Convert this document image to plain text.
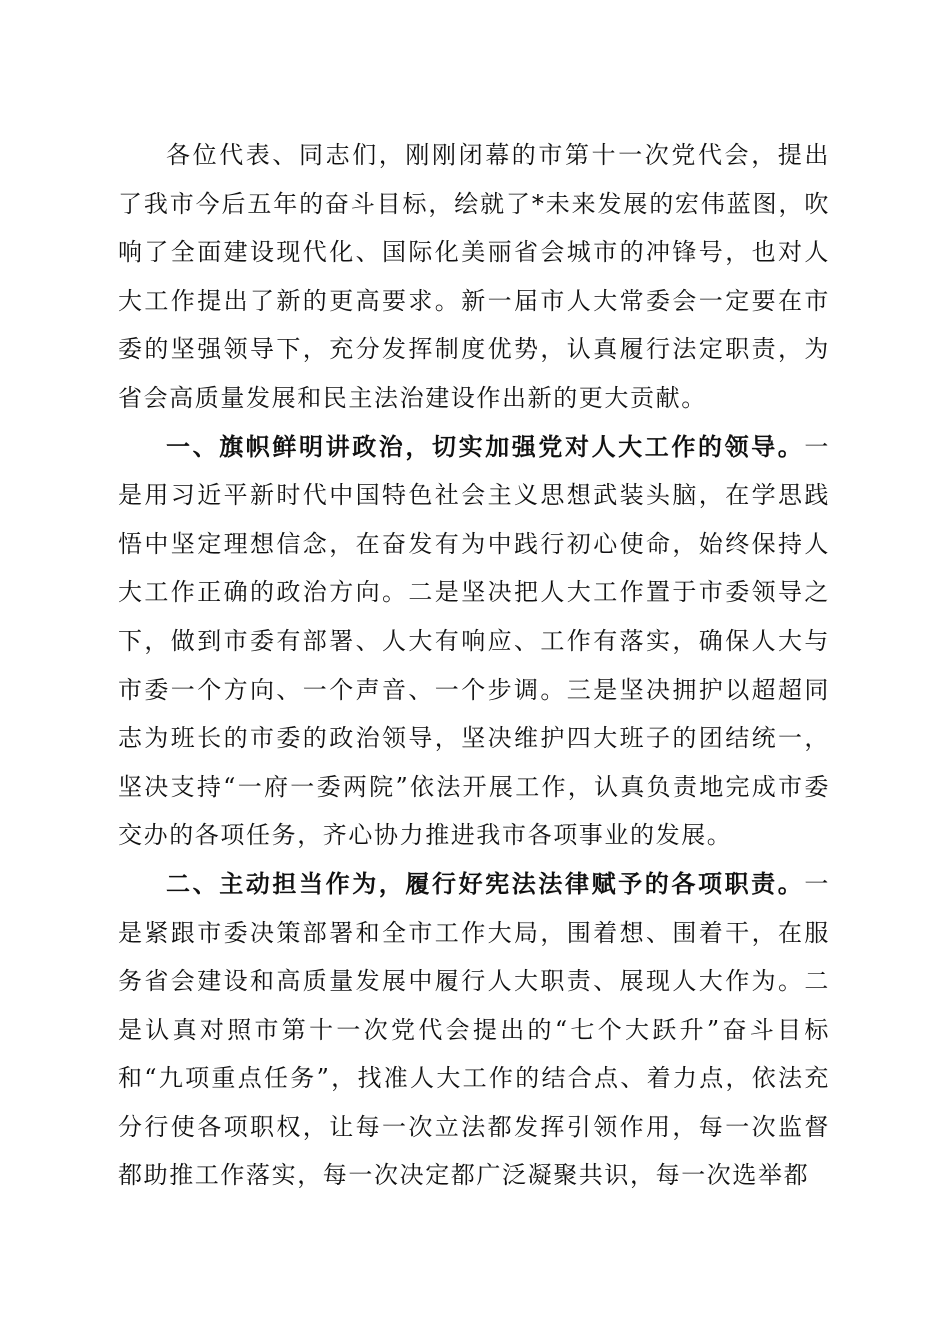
各位代表、同志们，刚刚闭幕的市第十一次党代会，提出了我市今后五年的奋斗目标，绘就了*未来发展的宏伟蓝图，吹响了全面建设现代化、国际化美丽省会城市的冲锋号，也对人大工作提出了新的更高要求。新一届市人大常委会一定要在市委的坚强领导下，充分发挥制度优势，认真履行法定职责，为省会高质量发展和民主法治建设作出新的更大贡献。

一、旗帜鲜明讲政治，切实加强党对人大工作的领导。一是用习近平新时代中国特色社会主义思想武装头脑，在学思践悟中坚定理想信念，在奋发有为中践行初心使命，始终保持人大工作正确的政治方向。二是坚决把人大工作置于市委领导之下，做到市委有部署、人大有响应、工作有落实，确保人大与市委一个方向、一个声音、一个步调。三是坚决拥护以超超同志为班长的市委的政治领导，坚决维护四大班子的团结统一，坚决支持“一府一委两院”依法开展工作，认真负责地完成市委交办的各项任务，齐心协力推进我市各项事业的发展。

二、主动担当作为，履行好宪法法律赋予的各项职责。一是紧跟市委决策部署和全市工作大局，围着想、围着干，在服务省会建设和高质量发展中履行人大职责、展现人大作为。二是认真对照市第十一次党代会提出的“七个大跃升”奋斗目标和“九项重点任务”，找准人大工作的结合点、着力点，依法充分行使各项职权，让每一次立法都发挥引领作用，每一次监督都助推工作落实，每一次决定都广泛凝聚共识，每一次选举都
